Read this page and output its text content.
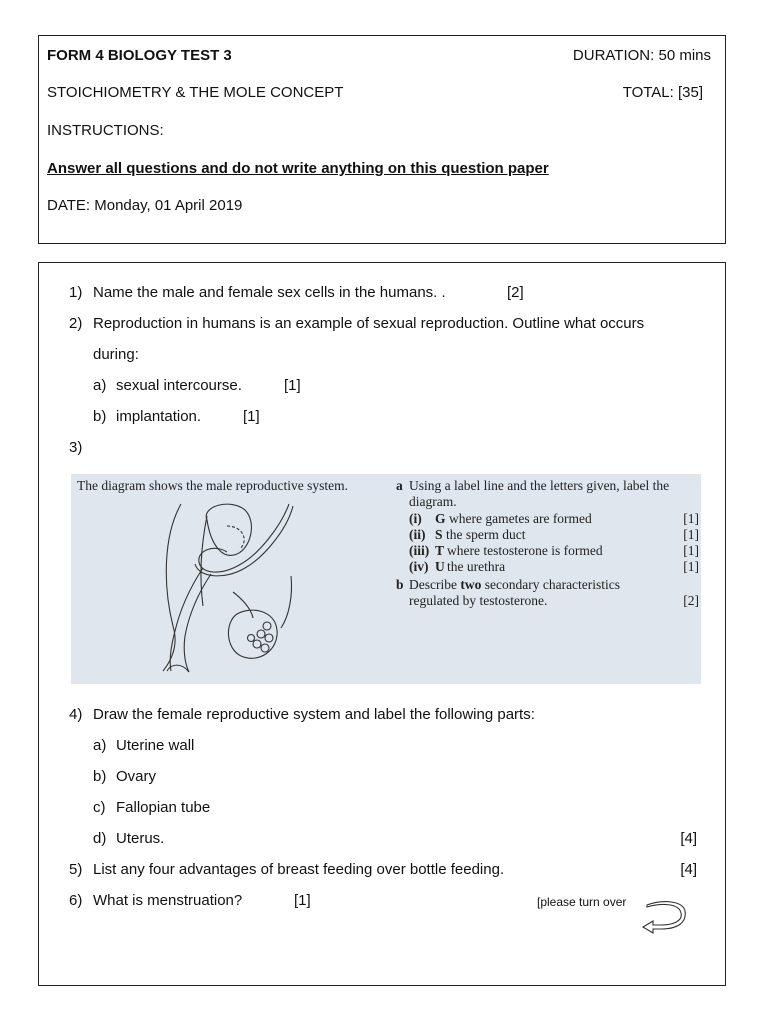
FORM 4 BIOLOGY TEST 3	DURATION: 50 mins
STOICHIOMETRY & THE MOLE CONCEPT	TOTAL: [35]
INSTRUCTIONS:
Answer all questions and do not write anything on this question paper
DATE: Monday, 01 April 2019
1) Name the male and female sex cells in the humans. .	[2]
2) Reproduction in humans is an example of sexual reproduction. Outline what occurs
during:
a) sexual intercourse.	[1]
b) implantation.	[1]
3)
The diagram shows the male reproductive system.	a Using a label line and the letters given, label the
diagram.
(i) G where gametes are formed	[1]
(ii) S the sperm duct	[1]
(iii) T where testosterone is formed	[1]
(iv) U the urethra	[1]
b Describe two secondary characteristics
regulated by testosterone.	[2]
4) Draw the female reproductive system and label the following parts:
a) Uterine wall
b) Ovary
c) Fallopian tube
d) Uterus.	[4]
5) List any four advantages of breast feeding over bottle feeding.	[4]
6) What is menstruation?	[1]	[please turn over
